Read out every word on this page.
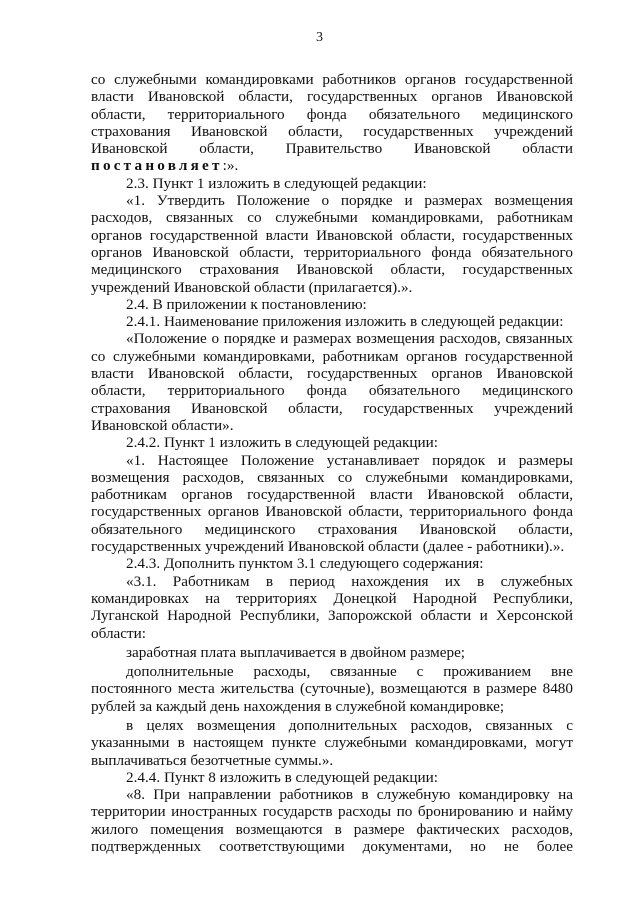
3

со служебными командировками работников органов государственной власти Ивановской области, государственных органов Ивановской области, территориального фонда обязательного медицинского страхования Ивановской области, государственных учреждений Ивановской области, Правительство Ивановской области постановляет:».

2.3. Пункт 1 изложить в следующей редакции:

«1. Утвердить Положение о порядке и размерах возмещения расходов, связанных со служебными командировками, работникам органов государственной власти Ивановской области, государственных органов Ивановской области, территориального фонда обязательного медицинского страхования Ивановской области, государственных учреждений Ивановской области (прилагается).».

2.4. В приложении к постановлению:

2.4.1. Наименование приложения изложить в следующей редакции:

«Положение о порядке и размерах возмещения расходов, связанных со служебными командировками, работникам органов государственной власти Ивановской области, государственных органов Ивановской области, территориального фонда обязательного медицинского страхования Ивановской области, государственных учреждений Ивановской области».

2.4.2. Пункт 1 изложить в следующей редакции:

«1. Настоящее Положение устанавливает порядок и размеры возмещения расходов, связанных со служебными командировками, работникам органов государственной власти Ивановской области, государственных органов Ивановской области, территориального фонда обязательного медицинского страхования Ивановской области, государственных учреждений Ивановской области (далее - работники).».

2.4.3. Дополнить пунктом 3.1 следующего содержания:

«3.1. Работникам в период нахождения их в служебных командировках на территориях Донецкой Народной Республики, Луганской Народной Республики, Запорожской области и Херсонской области:

заработная плата выплачивается в двойном размере;

дополнительные расходы, связанные с проживанием вне постоянного места жительства (суточные), возмещаются в размере 8480 рублей за каждый день нахождения в служебной командировке;

в целях возмещения дополнительных расходов, связанных с указанными в настоящем пункте служебными командировками, могут выплачиваться безотчетные суммы.».

2.4.4. Пункт 8 изложить в следующей редакции:

«8. При направлении работников в служебную командировку на территории иностранных государств расходы по бронированию и найму жилого помещения возмещаются в размере фактических расходов, подтвержденных соответствующими документами, но не более
